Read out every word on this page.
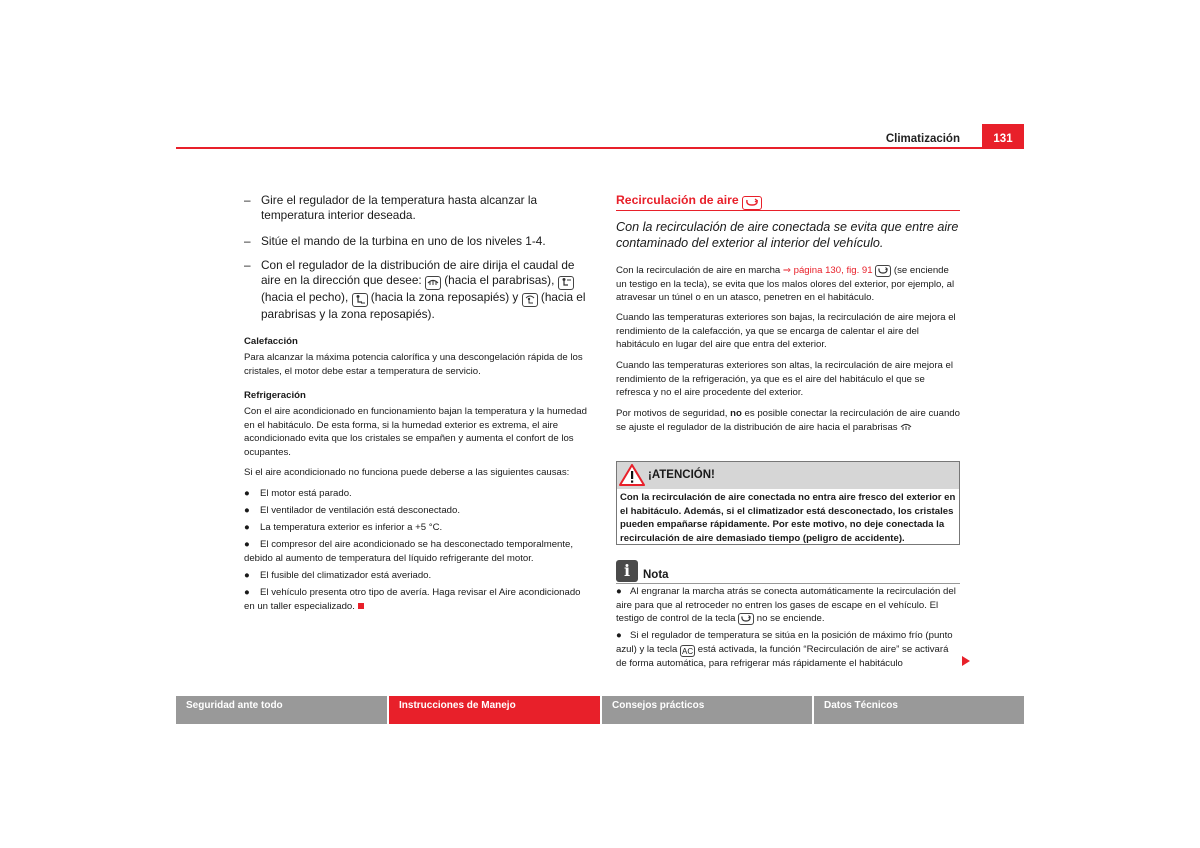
Climatización	131
– Gire el regulador de la temperatura hasta alcanzar la temperatura interior deseada.
– Sitúe el mando de la turbina en uno de los niveles 1-4.
– Con el regulador de la distribución de aire dirija el caudal de aire en la dirección que desee:  (hacia el parabrisas),  (hacia el pecho),  (hacia la zona reposapiés) y  (hacia el parabrisas y la zona reposapiés).
Calefacción
Para alcanzar la máxima potencia calorífica y una descongelación rápida de los cristales, el motor debe estar a temperatura de servicio.
Refrigeración
Con el aire acondicionado en funcionamiento bajan la temperatura y la humedad en el habitáculo. De esta forma, si la humedad exterior es extrema, el aire acondicionado evita que los cristales se empañen y aumenta el confort de los ocupantes.
Si el aire acondicionado no funciona puede deberse a las siguientes causas:
● El motor está parado.
● El ventilador de ventilación está desconectado.
● La temperatura exterior es inferior a +5 °C.
● El compresor del aire acondicionado se ha desconectado temporalmente, debido al aumento de temperatura del líquido refrigerante del motor.
● El fusible del climatizador está averiado.
● El vehículo presenta otro tipo de avería. Haga revisar el Aire acondicionado en un taller especializado.
Recirculación de aire
Con la recirculación de aire conectada se evita que entre aire contaminado del exterior al interior del vehículo.
Con la recirculación de aire en marcha ⇒ página 130, fig. 91  (se enciende un testigo en la tecla), se evita que los malos olores del exterior, por ejemplo, al atravesar un túnel o en un atasco, penetren en el habitáculo.
Cuando las temperaturas exteriores son bajas, la recirculación de aire mejora el rendimiento de la calefacción, ya que se encarga de calentar el aire del habitáculo en lugar del aire que entra del exterior.
Cuando las temperaturas exteriores son altas, la recirculación de aire mejora el rendimiento de la refrigeración, ya que es el aire del habitáculo el que se refresca y no el aire procedente del exterior.
Por motivos de seguridad, no es posible conectar la recirculación de aire cuando se ajuste el regulador de la distribución de aire hacia el parabrisas
¡ATENCIÓN!
Con la recirculación de aire conectada no entra aire fresco del exterior en el habitáculo. Además, si el climatizador está desconectado, los cristales pueden empañarse rápidamente. Por este motivo, no deje conectada la recirculación de aire demasiado tiempo (peligro de accidente).
i	Nota
● Al engranar la marcha atrás se conecta automáticamente la recirculación del aire para que al retroceder no entren los gases de escape en el vehículo. El testigo de control de la tecla  no se enciende.
● Si el regulador de temperatura se sitúa en la posición de máximo frío (punto azul) y la tecla AC está activada, la función “Recirculación de aire” se activará de forma automática, para refrigerar más rápidamente el habitáculo
Seguridad ante todo	Instrucciones de Manejo	Consejos prácticos	Datos Técnicos
